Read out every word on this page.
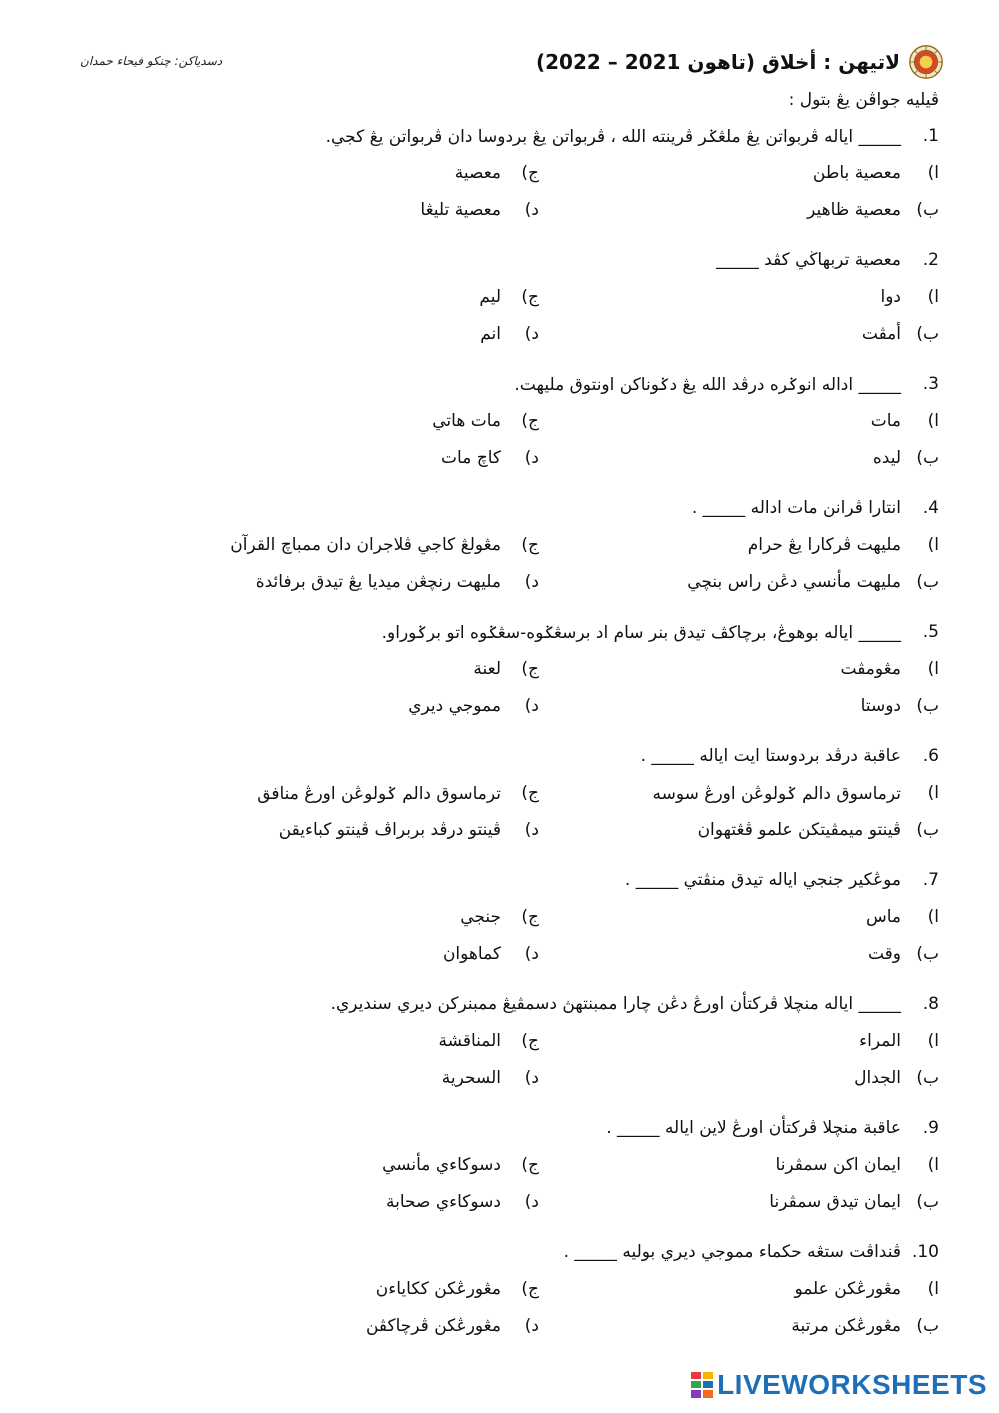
لاتيهن : أخلاق (تاهون 2021 – 2022)
دسدياكن: چنكو فيحاء حمدان
ڤيليه جواڤن يڠ بتول :
1.
_____ اياله ڤربواتن يڠ ملڠݢر ڤرينته الله ، ڤربواتن يڠ بردوسا دان ڤربواتن يڠ كجي.
ا)
معصية باطن
ب)
معصية ظاهير
ج)
معصية
د)
معصية تليڠا
2.
معصية تربهاڬي كڤد _____
ا)
دوا
ب)
أمڤت
ج)
ليم
د)
انم
3.
_____ اداله انوݢره درڤد الله يڠ دݢوناكن اونتوق مليهت.
ا)
مات
ب)
ليده
ج)
مات هاتي
د)
كاچ مات
4.
انتارا ڤرانن مات اداله _____ .
ا)
مليهت ڤركارا يڠ حرام
ب)
مليهت مأنسي دڠن راس بنچي
ج)
مڠولڠ كاجي ڤلاجران دان ممباچ القرآن
د)
مليهت رنچڠن ميديا يڠ تيدق برفائدة
5.
_____ اياله بوهوڠ، برچاكڤ تيدق بنر سام اد برسڠݢوه-سڠݢوه اتو برݢوراو.
ا)
مڠومڤت
ب)
دوستا
ج)
لعنة
د)
مموجي ديري
6.
عاقبة درڤد بردوستا ايت اياله _____ .
ا)
ترماسوق دالم ݢولوڠن اورڠ سوسه
ب)
ڤينتو ميمڤيتكن علمو ڤڠتهوان
ج)
ترماسوق دالم ݢولوڠن اورڠ منافق
د)
ڤينتو درڤد بربراڤ ڤينتو كباءيقن
7.
موڠكير جنجي اياله تيدق منڤتي _____ .
ا)
ماس
ب)
وقت
ج)
جنجي
د)
كماهوان
8.
_____ اياله منچلا ڤركتأن اورڠ دڠن چارا ممبنتهڽ دسمڤيڠ ممبنركن ديري سنديري.
ا)
المراء
ب)
الجدال
ج)
المناقشة
د)
السحرية
9.
عاقبة منچلا ڤركتأن اورڠ لاين اياله _____ .
ا)
ايمان اكن سمڤرنا
ب)
ايمان تيدق سمڤرنا
ج)
دسوكاءي مأنسي
د)
دسوكاءي صحابة
10.
ڤنداڤت ستڠه حكماء مموجي ديري بوليه _____ .
ا)
مڠورڠكن علمو
ب)
مڠورڠكن مرتبة
ج)
مڠورڠكن ككاياءن
د)
مڠورڠكن ڤرچاكڤن
LIVEWORKSHEETS
